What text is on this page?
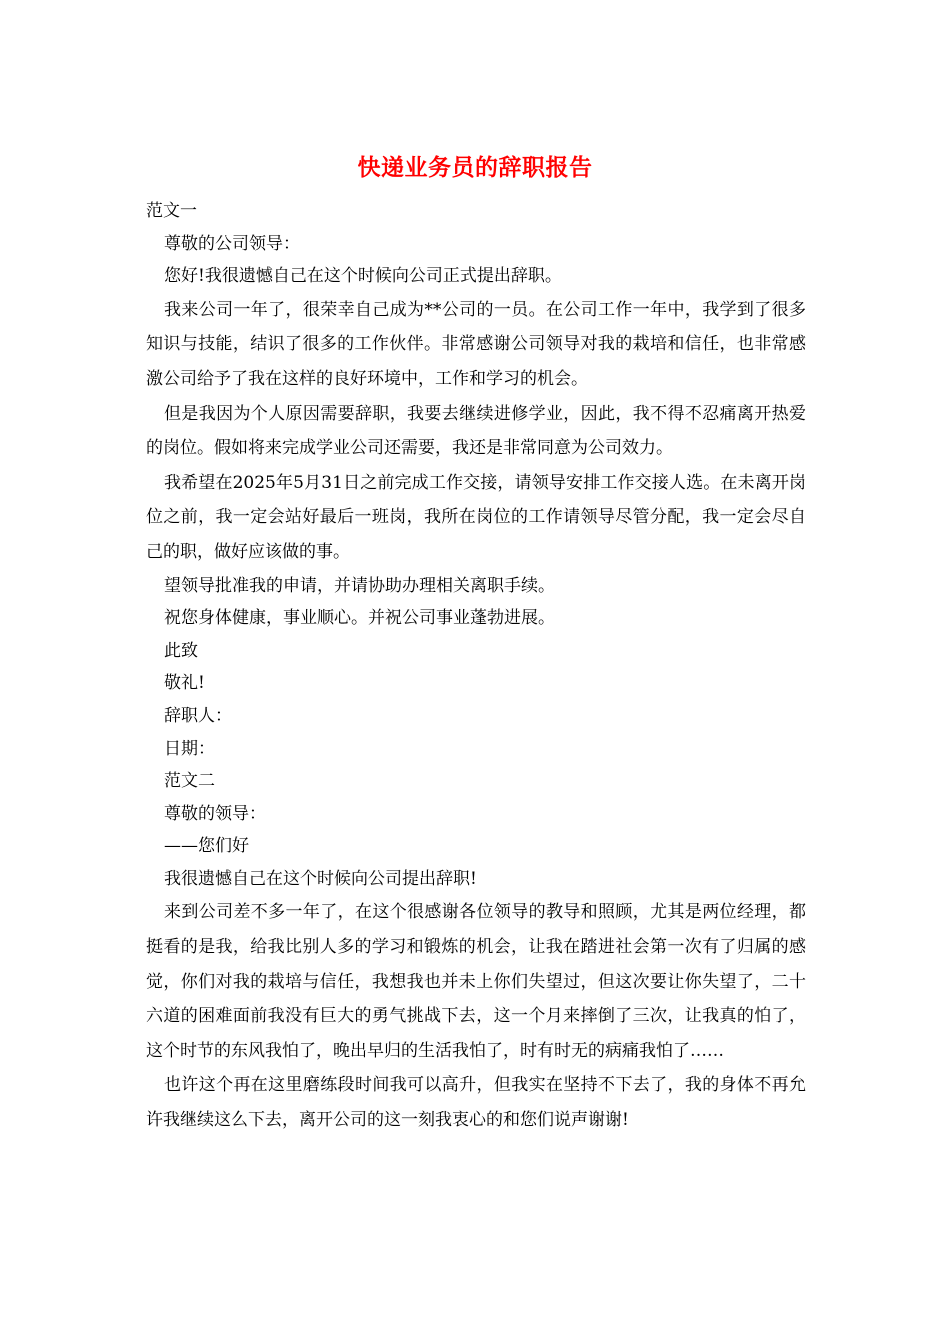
快递业务员的辞职报告
范文一
尊敬的公司领导：
您好!我很遗憾自己在这个时候向公司正式提出辞职。
我来公司一年了，很荣幸自己成为**公司的一员。在公司工作一年中，我学到了很多知识与技能，结识了很多的工作伙伴。非常感谢公司领导对我的栽培和信任，也非常感激公司给予了我在这样的良好环境中，工作和学习的机会。
但是我因为个人原因需要辞职，我要去继续进修学业，因此，我不得不忍痛离开热爱的岗位。假如将来完成学业公司还需要，我还是非常同意为公司效力。
我希望在2025年5月31日之前完成工作交接，请领导安排工作交接人选。在未离开岗位之前，我一定会站好最后一班岗，我所在岗位的工作请领导尽管分配，我一定会尽自己的职，做好应该做的事。
望领导批准我的申请，并请协助办理相关离职手续。
祝您身体健康，事业顺心。并祝公司事业蓬勃进展。
此致
敬礼!
辞职人：
日期：
范文二
尊敬的领导：
——您们好
我很遗憾自己在这个时候向公司提出辞职!
来到公司差不多一年了，在这个很感谢各位领导的教导和照顾，尤其是两位经理，都挺看的是我，给我比别人多的学习和锻炼的机会，让我在踏进社会第一次有了归属的感觉，你们对我的栽培与信任，我想我也并未上你们失望过，但这次要让你失望了，二十六道的困难面前我没有巨大的勇气挑战下去，这一个月来摔倒了三次，让我真的怕了，这个时节的东风我怕了，晚出早归的生活我怕了，时有时无的病痛我怕了……
也许这个再在这里磨练段时间我可以高升，但我实在坚持不下去了，我的身体不再允许我继续这么下去，离开公司的这一刻我衷心的和您们说声谢谢!
